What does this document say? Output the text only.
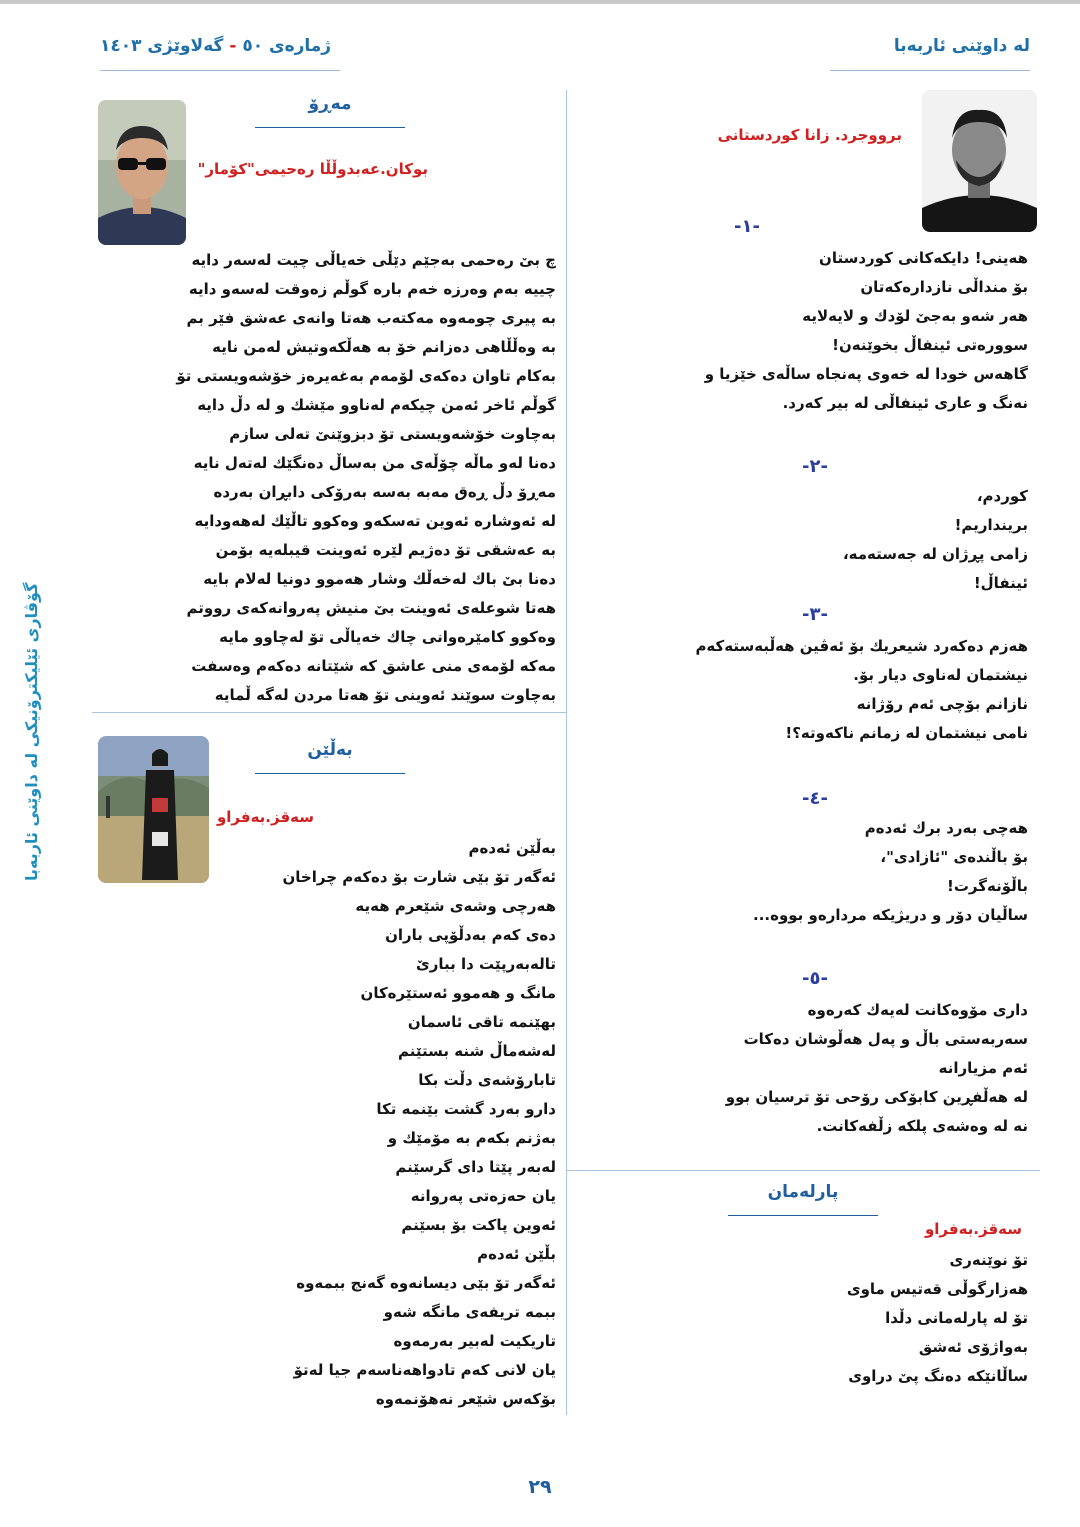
له داوێنی ئاربه‌با
ژماره‌ی ٥٠ - گه‌لاوێژی ١٤٠٣
بروو‌جرد. زانا كوردستانی
-١-
هه‌ینی! دایكه‌كانی كوردستان
بۆ منداڵی نازداره‌كه‌تان
هه‌ر شه‌و به‌جێ لۆدك و لایه‌لایه
سووره‌تی ئینفاڵ بخوێنه‌ن!
گاهه‌س خودا له خه‌وی په‌نجاه ساڵه‌ی خێزیا و
نه‌نگ و عاری ئینفاڵی له بیر كه‌رد.
-٢-
كوردم،
برینداریم!
زامی پڕژان له جه‌سته‌مه،
ئینفاڵ!
-٣-
هه‌زم ده‌كه‌رد شیعریك بۆ ئه‌ڤین هه‌ڵبه‌سته‌كه‌م
نیشتمان له‌ناوی دیار بۆ.
نازانم بۆچی ئه‌م رۆژانه
نامی نیشتمان له زمانم ناكه‌وته‌؟!
-٤-
هه‌چی به‌رد برك ئه‌ده‌م
بۆ باڵنده‌ی "ئازادی"،
باڵۆنه‌گرت!
ساڵیان دۆر و دریژیكه مردارەو بووه...
-٥-
داری مۆوه‌كانت له‌یه‌ك كه‌ره‌وه
سه‌ربه‌ستی باڵ و په‌ل هه‌ڵوشان ده‌كات
ئه‌م مزیارانه
له هه‌ڵفڕین كابۆكی رۆحی تۆ ترسیان بوو
نه له وه‌شه‌ی پلكه زڵفه‌كانت.
مه‌ڕۆ
بوكان.عه‌بدوڵڵا ره‌حیمی"كۆمار"
چ بێ ره‌حمی به‌جێم دێڵی خه‌یاڵی چیت له‌سه‌ر دایه
چییه به‌م وه‌رزه خه‌م باره گوڵم زه‌وقت له‌سه‌و دایه
به پیری چومه‌وه مه‌كته‌ب هه‌تا وانه‌ی عه‌شق فێر بم
به وه‌ڵڵاهی ده‌زانم خۆ به هه‌ڵكه‌وتیش له‌من نایه
به‌كام تاوان ده‌كه‌ی لۆمه‌م به‌غه‌یره‌ز خۆشه‌ویستی تۆ
گوڵم ئاخر ئه‌من چیكه‌م له‌ناوو مێشك و له دڵ دایه
به‌چاوت خۆشه‌ویستی تۆ دبزوێنێ ته‌لی سازم
ده‌نا له‌و ماڵه چۆڵه‌ی من به‌ساڵ ده‌نگێك له‌تەل نایه
مه‌ڕۆ دڵ ڕه‌ق مه‌به به‌سه به‌رۆكی دابڕان به‌رده
له ئه‌وشاره ئه‌وین ته‌سكه‌و وه‌كوو تاڵێك له‌هه‌ودایه
به عه‌شقی تۆ ده‌ژیم لێره ئه‌وینت قیبله‌یه بۆمن
ده‌نا بێ باك له‌خه‌ڵك وشار هه‌موو دونیا له‌لام بایه
هه‌تا شوعله‌ی ئه‌وینت بێ منیش په‌روانه‌كه‌ی رووتم
وه‌كوو كامێره‌وانی چاك خه‌یاڵی تۆ له‌چاوو مایه
مه‌كه لۆمه‌ی منی عاشق كه شێتانه ده‌كه‌م وه‌سفت
به‌چاوت سوێند ئه‌وینی تۆ هه‌تا مردن له‌گه ڵمایه
به‌ڵێن
سه‌قز.به‌فراو
به‌ڵێن ئه‌ده‌م
ئه‌گه‌ر تۆ بێی شارت بۆ ده‌كه‌م چراخان
هه‌رچی وشه‌ی شێعرم هه‌یه
ده‌ی كه‌م به‌دڵۆپی باران
تاله‌به‌رپێت دا ببارێ
مانگ و هه‌موو ئه‌ستێره‌كان
بهێنمه تاقی ئاسمان
له‌شه‌ماڵ شنه بستێنم
تابارۆشه‌ی دڵت بكا
دارو به‌رد گشت بێنمه تكا
به‌ژنم بكه‌م به مۆمێك و
له‌به‌ر پێتا دای گرسێنم
یان حه‌زه‌تی په‌روانه
ئه‌وین پاكت بۆ بسێنم
بڵێن ئه‌ده‌م
ئه‌گه‌ر تۆ بێی دیسانه‌وه گه‌نج ببمه‌وه
ببمه تریفه‌ی مانگه شه‌و
تاریكیت له‌بیر به‌رمه‌وه
یان لانی كه‌م تادواهه‌ناسه‌م جیا له‌تۆ
بۆكه‌س شێعر نه‌هۆنمه‌وه
پارله‌مان
سه‌قز.به‌فراو
تۆ نوێنه‌ری
هه‌زارگوڵی قه‌تیس ماوی
تۆ له پارله‌مانی دڵدا
به‌واژۆی ئه‌شق
ساڵانێكه ده‌نگ پێ دراوی
گۆڤاری ئێلیکترۆنیکی له داوێنی ئاربه‌با
٢٩
